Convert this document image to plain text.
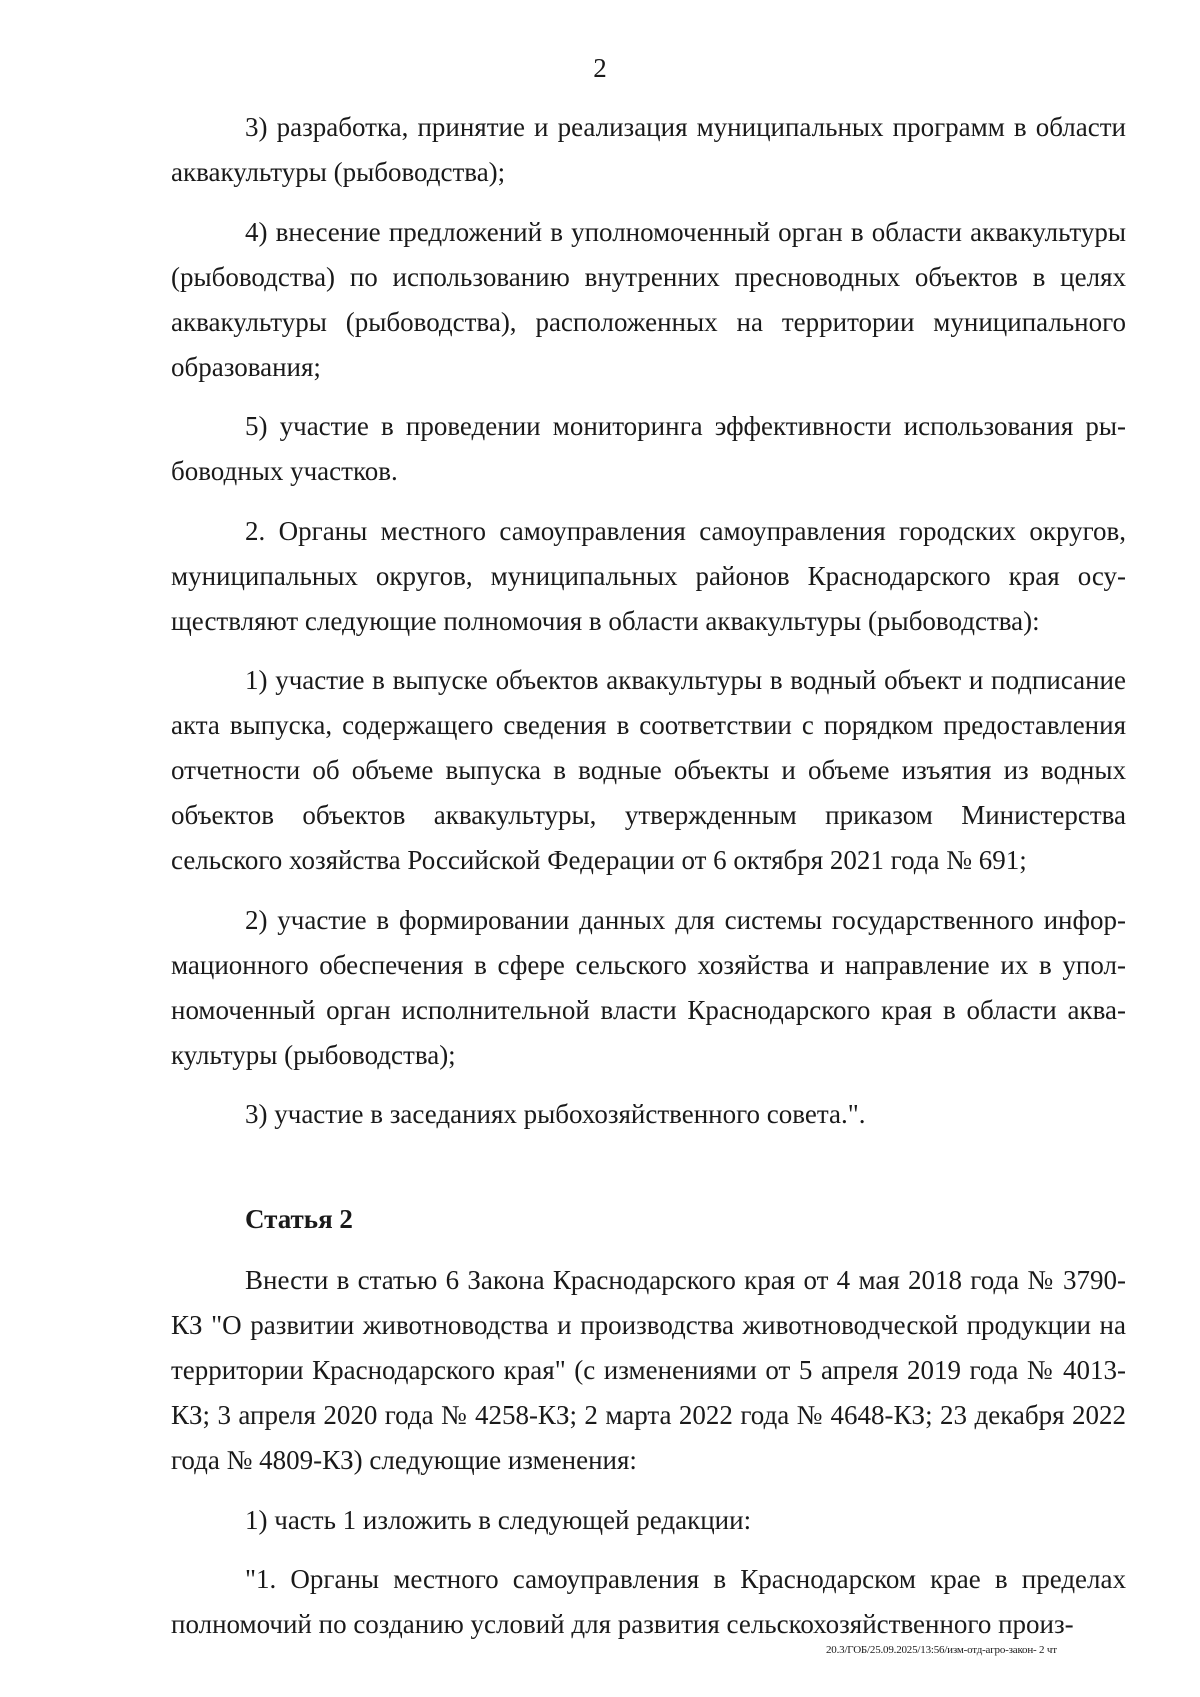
2

3) разработка, принятие и реализация муниципальных программ в области аквакультуры (рыбоводства);

4) внесение предложений в уполномоченный орган в области аквакультуры (рыбоводства) по использованию внутренних пресноводных объектов в целях аквакультуры (рыбоводства), расположенных на территории муниципального образования;

5) участие в проведении мониторинга эффективности использования рыбоводных участков.

2. Органы местного самоуправления самоуправления городских округов, муниципальных округов, муниципальных районов Краснодарского края осуществляют следующие полномочия в области аквакультуры (рыбоводства):

1) участие в выпуске объектов аквакультуры в водный объект и подписание акта выпуска, содержащего сведения в соответствии с порядком предоставления отчетности об объеме выпуска в водные объекты и объеме изъятия из водных объектов объектов аквакультуры, утвержденным приказом Министерства сельского хозяйства Российской Федерации от 6 октября 2021 года № 691;

2) участие в формировании данных для системы государственного информационного обеспечения в сфере сельского хозяйства и направление их в уполномоченный орган исполнительной власти Краснодарского края в области аквакультуры (рыбоводства);

3) участие в заседаниях рыбохозяйственного совета.".

Статья 2

Внести в статью 6 Закона Краснодарского края от 4 мая 2018 года № 3790-КЗ "О развитии животноводства и производства животноводческой продукции на территории Краснодарского края" (с изменениями от 5 апреля 2019 года № 4013-КЗ; 3 апреля 2020 года № 4258-КЗ; 2 марта 2022 года № 4648-КЗ; 23 декабря 2022 года № 4809-КЗ) следующие изменения:

1) часть 1 изложить в следующей редакции:

"1. Органы местного самоуправления в Краснодарском крае в пределах полномочий по созданию условий для развития сельскохозяйственного произ-

20.3/ГОБ/25.09.2025/13:56/изм-отд-агро-закон- 2 чт
